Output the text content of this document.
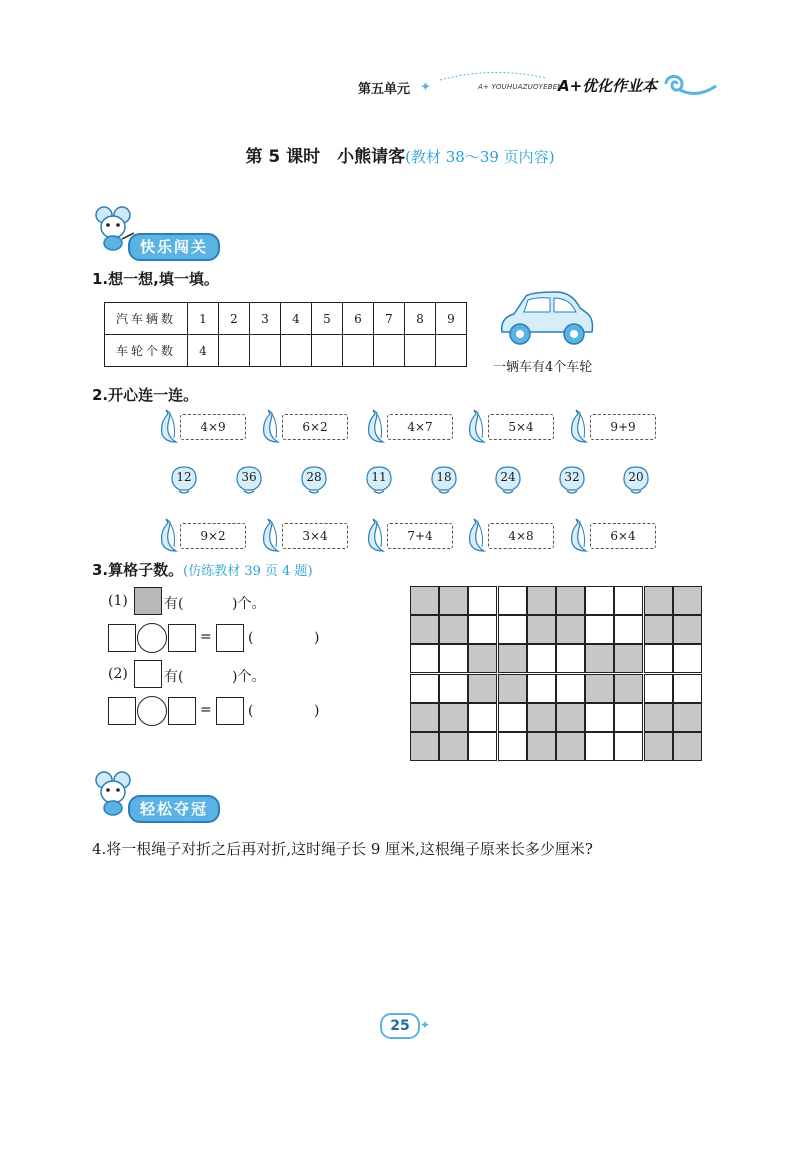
第五单元 ✦	A+ YOUHUAZUOYEBEN
A+优化作业本
第 5 课时　小熊请客(教材 38～39 页内容)
快乐闯关
1.想一想,填一填。
汽车辆数	1	2	3	4	5	6	7	8	9
车轮个数	4								
一辆车有4个车轮
2.开心连一连。
3.算格子数。(仿练教材 39 页 4 题)
(1)	有(	)个。
=	(	)
(2)	有(	)个。
=	(	)
轻松夺冠
4.将一根绳子对折之后再对折,这时绳子长 9 厘米,这根绳子原来长多少厘米?
25 ✦
4×9	6×2	4×7	5×4	9+9
9×2	3×4	7+4	4×8	6×4
12	36	28	11	18	24	32	20
